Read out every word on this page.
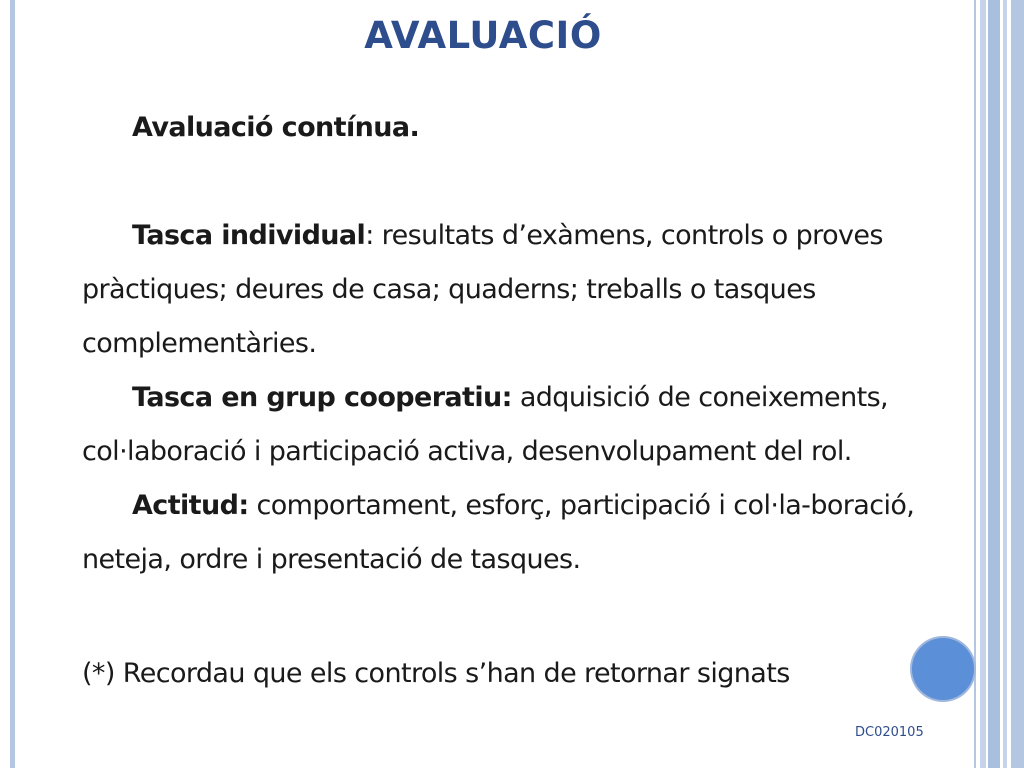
AVALUACIÓ

Avaluació contínua.

Tasca individual: resultats d’exàmens, controls o proves pràctiques; deures de casa; quaderns; treballs o tasques complementàries.

Tasca en grup cooperatiu: adquisició de coneixements, col·laboració i participació activa, desenvolupament del rol.

Actitud: comportament, esforç, participació i col·la-boració, neteja, ordre i presentació de tasques.

(*) Recordau que els controls s’han de retornar signats

DC020105
